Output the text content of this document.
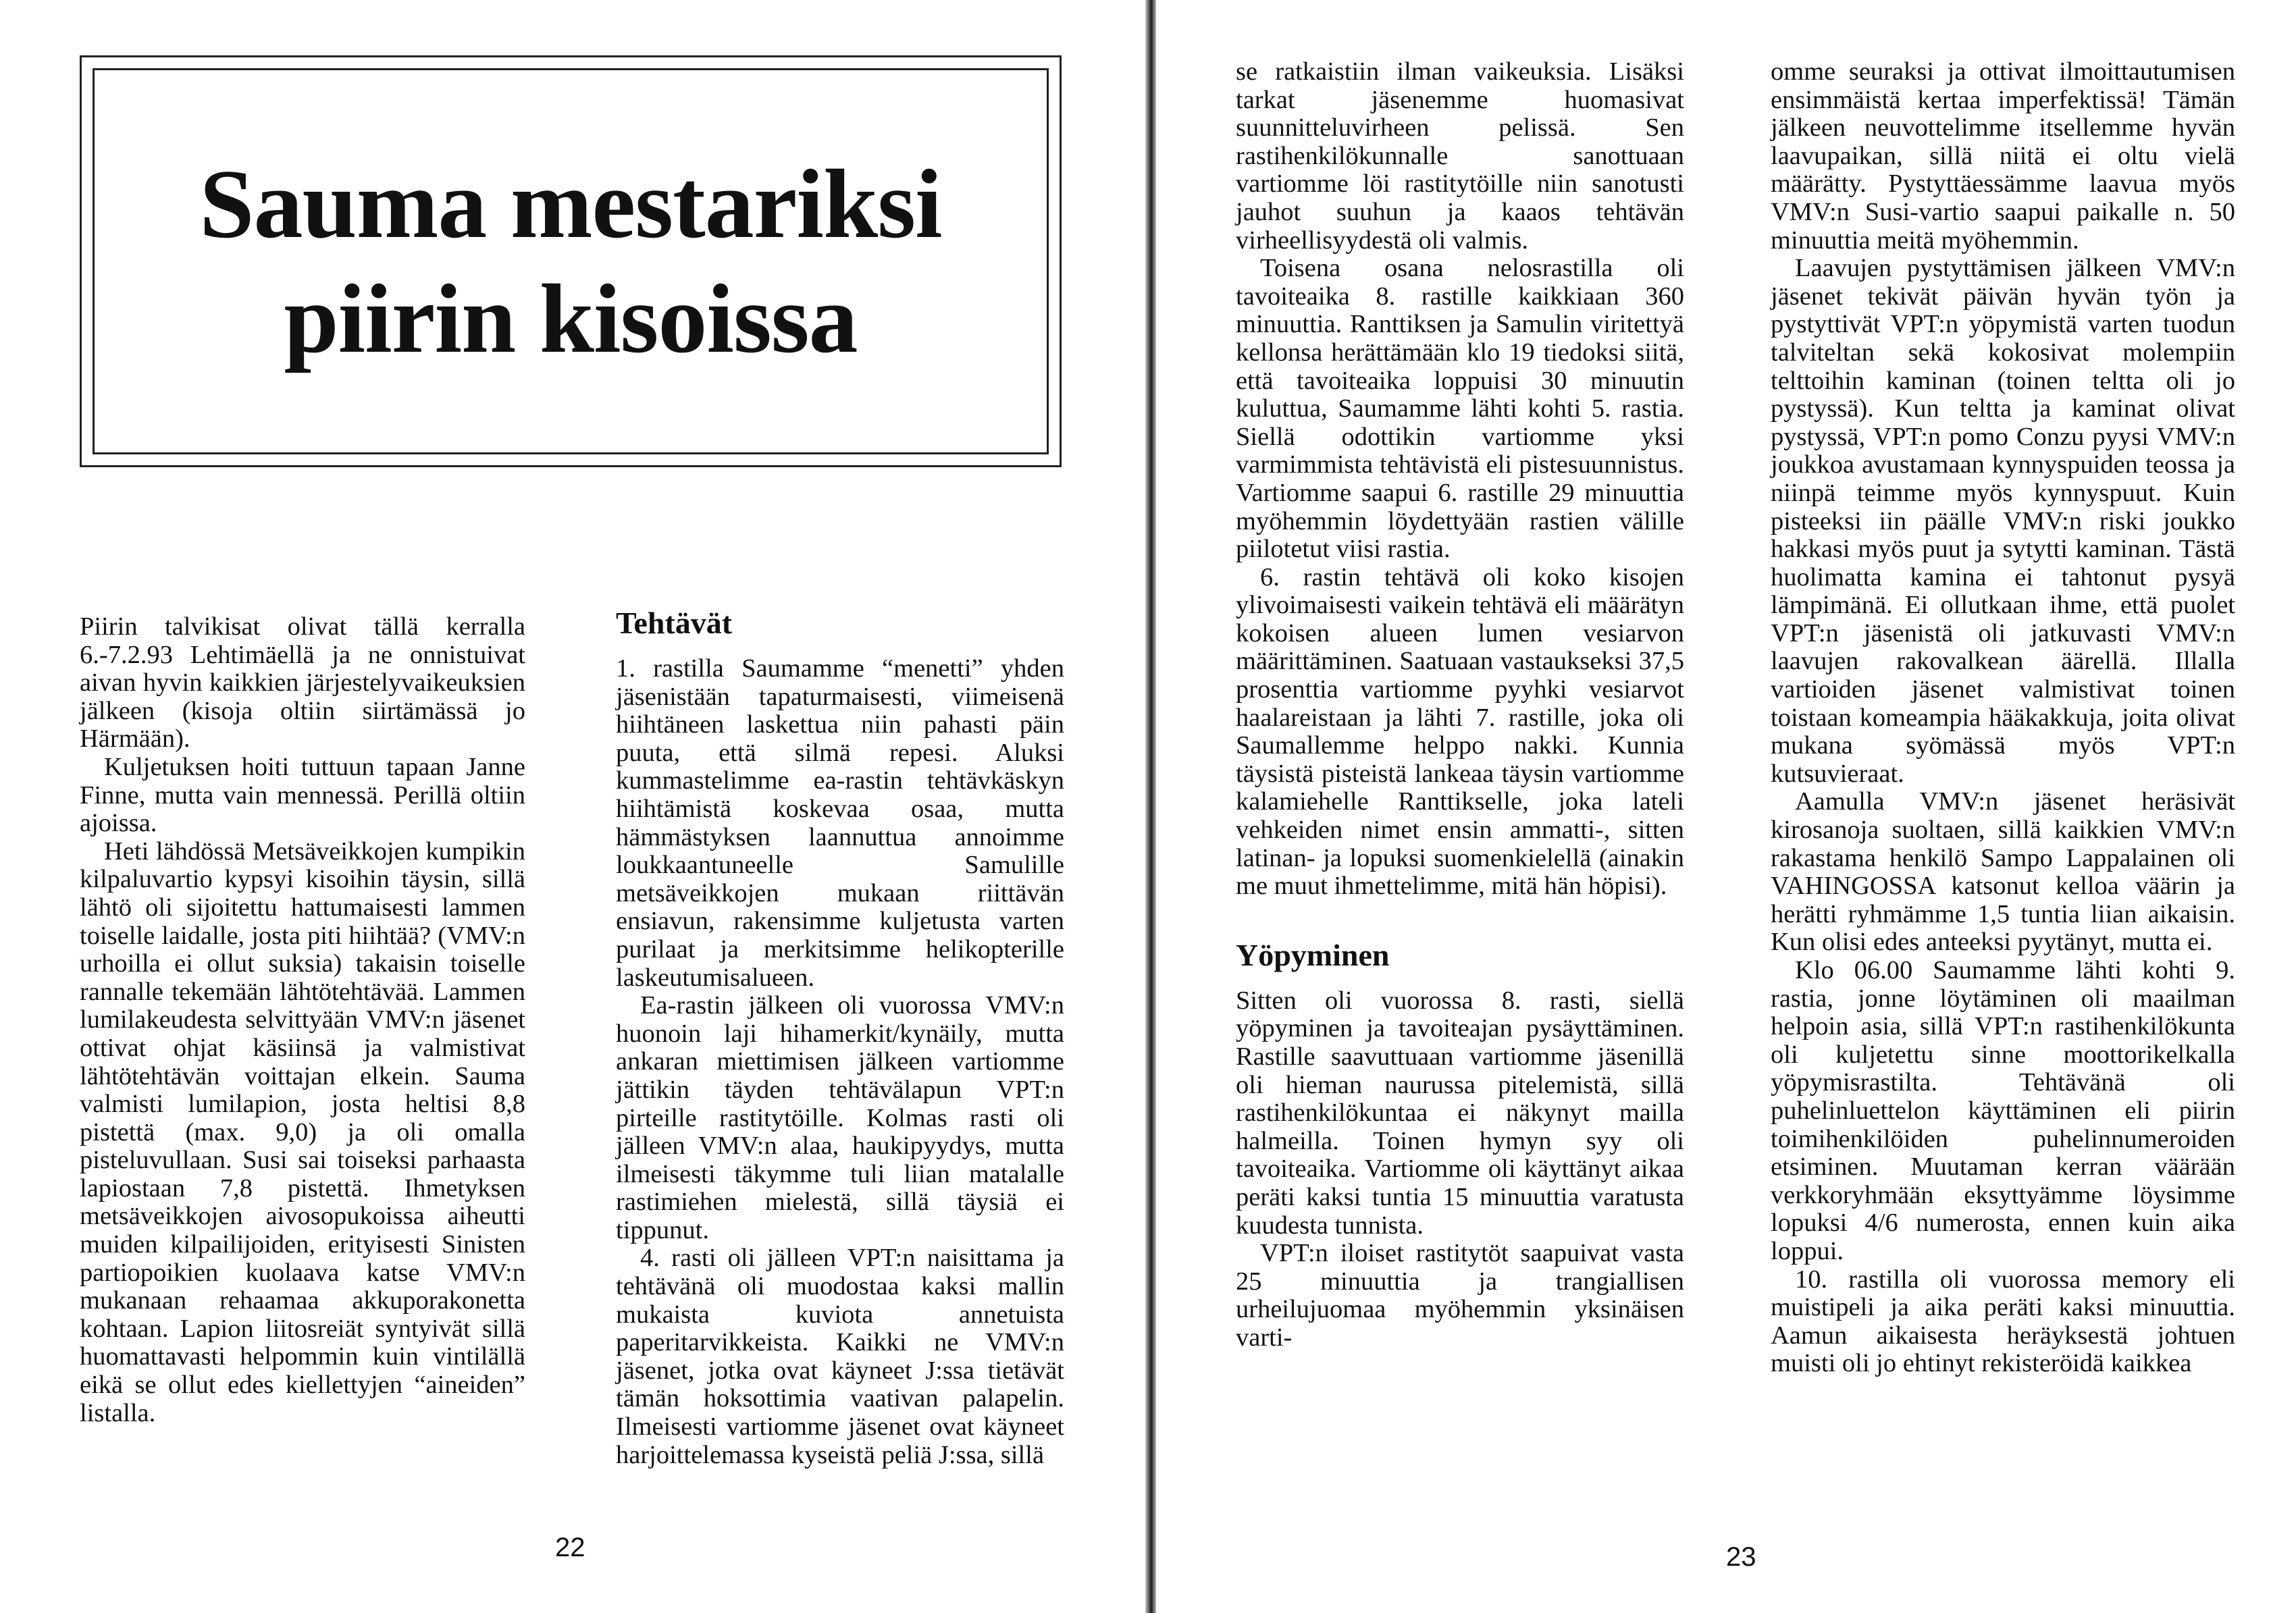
Sauma mestariksi
piirin kisoissa

Piirin talvikisat olivat tällä kerralla 6.-7.2.93 Lehtimäellä ja ne onnistuivat aivan hyvin kaikkien järjestelyvaikeuksien jälkeen (kisoja oltiin siirtämässä jo Härmään).

Kuljetuksen hoiti tuttuun tapaan Janne Finne, mutta vain mennessä. Perillä oltiin ajoissa.

Heti lähdössä Metsäveikkojen kumpikin kilpaluvartio kypsyi kisoihin täysin, sillä lähtö oli sijoitettu hattumaisesti lammen toiselle laidalle, josta piti hiihtää? (VMV:n urhoilla ei ollut suksia) takaisin toiselle rannalle tekemään lähtötehtävää. Lammen lumilakeudesta selvittyään VMV:n jäsenet ottivat ohjat käsiinsä ja valmistivat lähtötehtävän voittajan elkein. Sauma valmisti lumilapion, josta heltisi 8,8 pistettä (max. 9,0) ja oli omalla pisteluvullaan. Susi sai toiseksi parhaasta lapiostaan 7,8 pistettä. Ihmetyksen metsäveikkojen aivosopukoissa aiheutti muiden kilpailijoiden, erityisesti Sinisten partiopoikien kuolaava katse VMV:n mukanaan rehaamaa akkuporakonetta kohtaan. Lapion liitosreiät syntyivät sillä huomattavasti helpommin kuin vintilällä eikä se ollut edes kiellettyjen “aineiden” listalla.

Tehtävät

1. rastilla Saumamme “menetti” yhden jäsenistään tapaturmaisesti, viimeisenä hiihtäneen laskettua niin pahasti päin puuta, että silmä repesi. Aluksi kummastelimme ea-rastin tehtävkäskyn hiihtämistä koskevaa osaa, mutta hämmästyksen laannuttua annoimme loukkaantuneelle Samulille metsäveikkojen mukaan riittävän ensiavun, rakensimme kuljetusta varten purilaat ja merkitsimme helikopterille laskeutumisalueen.

Ea-rastin jälkeen oli vuorossa VMV:n huonoin laji hihamerkit/kynäily, mutta ankaran miettimisen jälkeen vartiomme jättikin täyden tehtävälapun VPT:n pirteille rastitytöille. Kolmas rasti oli jälleen VMV:n alaa, haukipyydys, mutta ilmeisesti täkymme tuli liian matalalle rastimiehen mielestä, sillä täysiä ei tippunut.

4. rasti oli jälleen VPT:n naisittama ja tehtävänä oli muodostaa kaksi mallin mukaista kuviota annetuista paperitarvikkeista. Kaikki ne VMV:n jäsenet, jotka ovat käyneet J:ssa tietävät tämän hoksottimia vaativan palapelin. Ilmeisesti vartiomme jäsenet ovat käyneet harjoittelemassa kyseistä peliä J:ssa, sillä

22

se ratkaistiin ilman vaikeuksia. Lisäksi tarkat jäsenemme huomasivat suunnitteluvirheen pelissä. Sen rastihenkilökunnalle sanottuaan vartiomme löi rastitytöille niin sanotusti jauhot suuhun ja kaaos tehtävän virheellisyydestä oli valmis.

Toisena osana nelosrastilla oli tavoiteaika 8. rastille kaikkiaan 360 minuuttia. Ranttiksen ja Samulin viritettyä kellonsa herättämään klo 19 tiedoksi siitä, että tavoiteaika loppuisi 30 minuutin kuluttua, Saumamme lähti kohti 5. rastia. Siellä odottikin vartiomme yksi varmimmista tehtävistä eli pistesuunnistus. Vartiomme saapui 6. rastille 29 minuuttia myöhemmin löydettyään rastien välille piilotetut viisi rastia.

6. rastin tehtävä oli koko kisojen ylivoimaisesti vaikein tehtävä eli määrätyn kokoisen alueen lumen vesiarvon määrittäminen. Saatuaan vastaukseksi 37,5 prosenttia vartiomme pyyhki vesiarvot haalareistaan ja lähti 7. rastille, joka oli Saumallemme helppo nakki. Kunnia täysistä pisteistä lankeaa täysin vartiomme kalamiehelle Ranttikselle, joka lateli vehkeiden nimet ensin ammatti-, sitten latinan- ja lopuksi suomenkielellä (ainakin me muut ihmettelimme, mitä hän höpisi).

Yöpyminen

Sitten oli vuorossa 8. rasti, siellä yöpyminen ja tavoiteajan pysäyttäminen. Rastille saavuttuaan vartiomme jäsenillä oli hieman naurussa pitelemistä, sillä rastihenkilökuntaa ei näkynyt mailla halmeilla. Toinen hymyn syy oli tavoiteaika. Vartiomme oli käyttänyt aikaa peräti kaksi tuntia 15 minuuttia varatusta kuudesta tunnista.

VPT:n iloiset rastitytöt saapuivat vasta 25 minuuttia ja trangiallisen urheilujuomaa myöhemmin yksinäisen varti-

omme seuraksi ja ottivat ilmoittautumisen ensimmäistä kertaa imperfektissä! Tämän jälkeen neuvottelimme itsellemme hyvän laavupaikan, sillä niitä ei oltu vielä määrätty. Pystyttäessämme laavua myös VMV:n Susi-vartio saapui paikalle n. 50 minuuttia meitä myöhemmin.

Laavujen pystyttämisen jälkeen VMV:n jäsenet tekivät päivän hyvän työn ja pystyttivät VPT:n yöpymistä varten tuodun talviteltan sekä kokosivat molempiin telttoihin kaminan (toinen teltta oli jo pystyssä). Kun teltta ja kaminat olivat pystyssä, VPT:n pomo Conzu pyysi VMV:n joukkoa avustamaan kynnyspuiden teossa ja niinpä teimme myös kynnyspuut. Kuin pisteeksi iin päälle VMV:n riski joukko hakkasi myös puut ja sytytti kaminan. Tästä huolimatta kamina ei tahtonut pysyä lämpimänä. Ei ollutkaan ihme, että puolet VPT:n jäsenistä oli jatkuvasti VMV:n laavujen rakovalkean äärellä. Illalla vartioiden jäsenet valmistivat toinen toistaan komeampia hääkakkuja, joita olivat mukana syömässä myös VPT:n kutsuvieraat.

Aamulla VMV:n jäsenet heräsivät kirosanoja suoltaen, sillä kaikkien VMV:n rakastama henkilö Sampo Lappalainen oli VAHINGOSSA katsonut kelloa väärin ja herätti ryhmämme 1,5 tuntia liian aikaisin. Kun olisi edes anteeksi pyytänyt, mutta ei.

Klo 06.00 Saumamme lähti kohti 9. rastia, jonne löytäminen oli maailman helpoin asia, sillä VPT:n rastihenkilökunta oli kuljetettu sinne moottorikelkalla yöpymisrastilta. Tehtävänä oli puhelinluettelon käyttäminen eli piirin toimihenkilöiden puhelinnumeroiden etsiminen. Muutaman kerran väärään verkkoryhmään eksyttyämme löysimme lopuksi 4/6 numerosta, ennen kuin aika loppui.

10. rastilla oli vuorossa memory eli muistipeli ja aika peräti kaksi minuuttia. Aamun aikaisesta heräyksestä johtuen muisti oli jo ehtinyt rekisteröidä kaikkea

23
